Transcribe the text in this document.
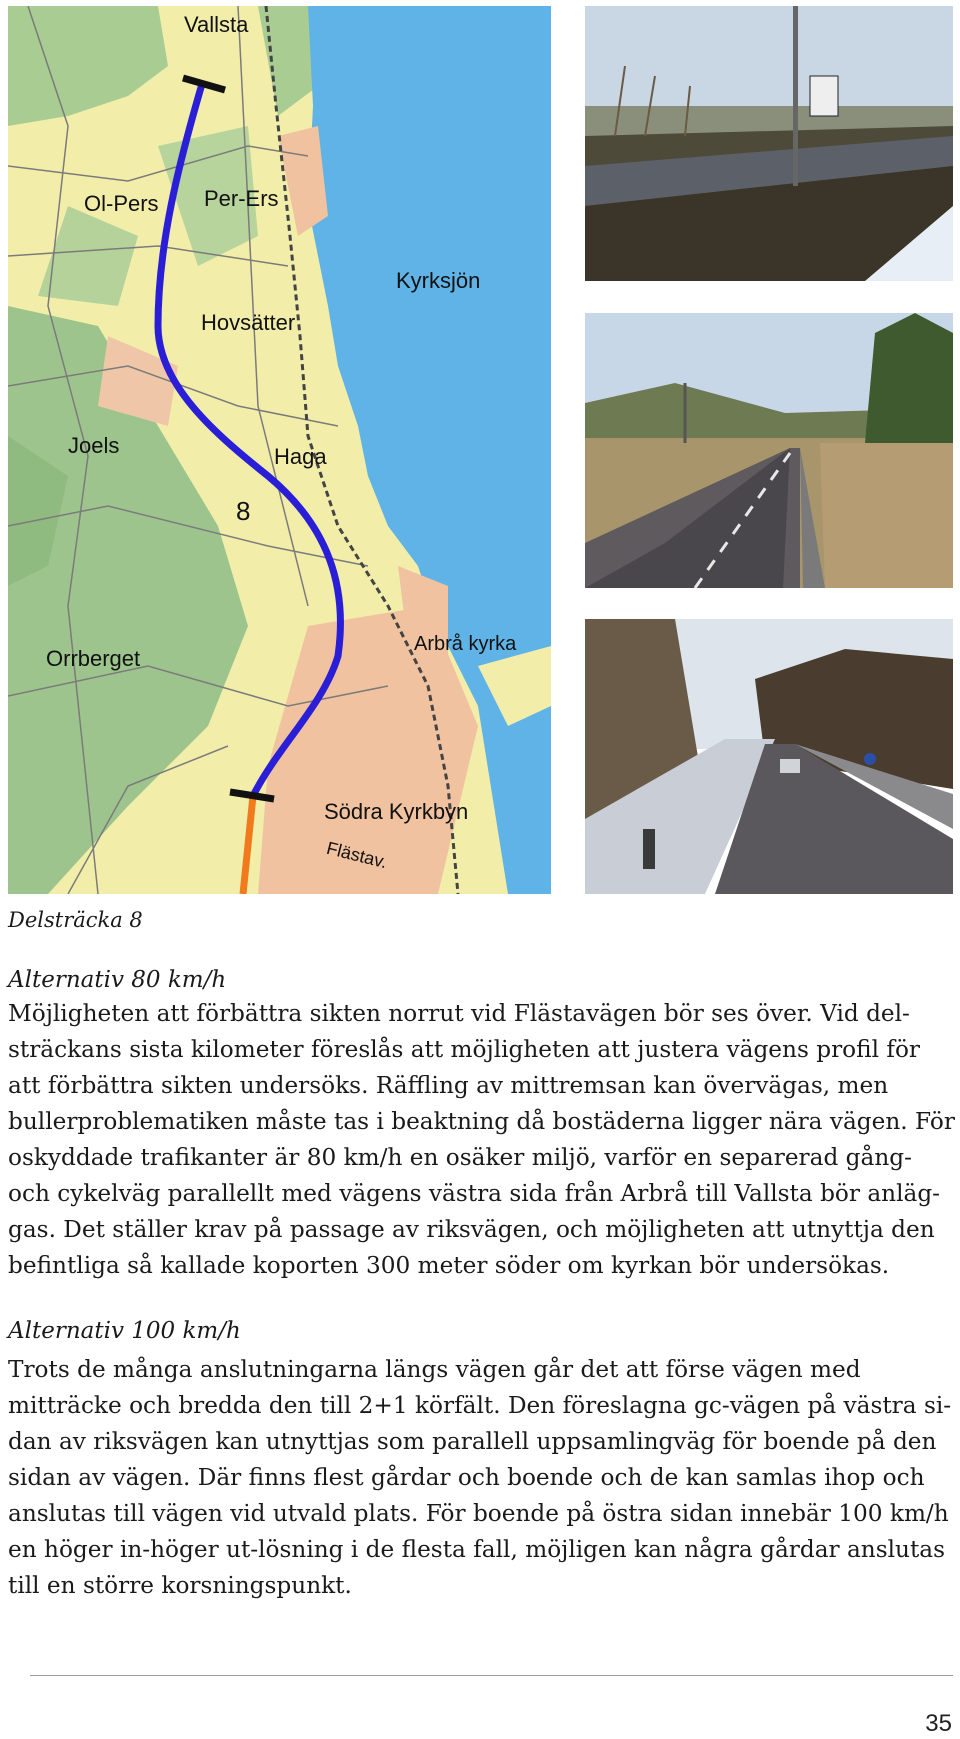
Vallsta
Ol-Pers Per-Ers
Kyrksjön
Hovsätter
Joels	Haga
8
Orrberget
Arbrå kyrka
Södra Kyrkbyn
Flästav.
Delsträcka 8
Alternativ 80 km/h
Möjligheten att förbättra sikten norrut vid Flästavägen bör ses över. Vid del-
sträckans sista kilometer föreslås att möjligheten att justera vägens profil för
att förbättra sikten undersöks. Räffling av mittremsan kan övervägas, men
bullerproblematiken måste tas i beaktning då bostäderna ligger nära vägen. För
oskyddade trafikanter är 80 km/h en osäker miljö, varför en separerad gång-
och cykelväg parallellt med vägens västra sida från Arbrå till Vallsta bör anläg-
gas. Det ställer krav på passage av riksvägen, och möjligheten att utnyttja den
befintliga så kallade koporten 300 meter söder om kyrkan bör undersökas.
Alternativ 100 km/h
Trots de många anslutningarna längs vägen går det att förse vägen med
mitträcke och bredda den till 2+1 körfält. Den föreslagna gc-vägen på västra si-
dan av riksvägen kan utnyttjas som parallell uppsamlingväg för boende på den
sidan av vägen. Där finns flest gårdar och boende och de kan samlas ihop och
anslutas till vägen vid utvald plats. För boende på östra sidan innebär 100 km/h
en höger in-höger ut-lösning i de flesta fall, möjligen kan några gårdar anslutas
till en större korsningspunkt.
35
